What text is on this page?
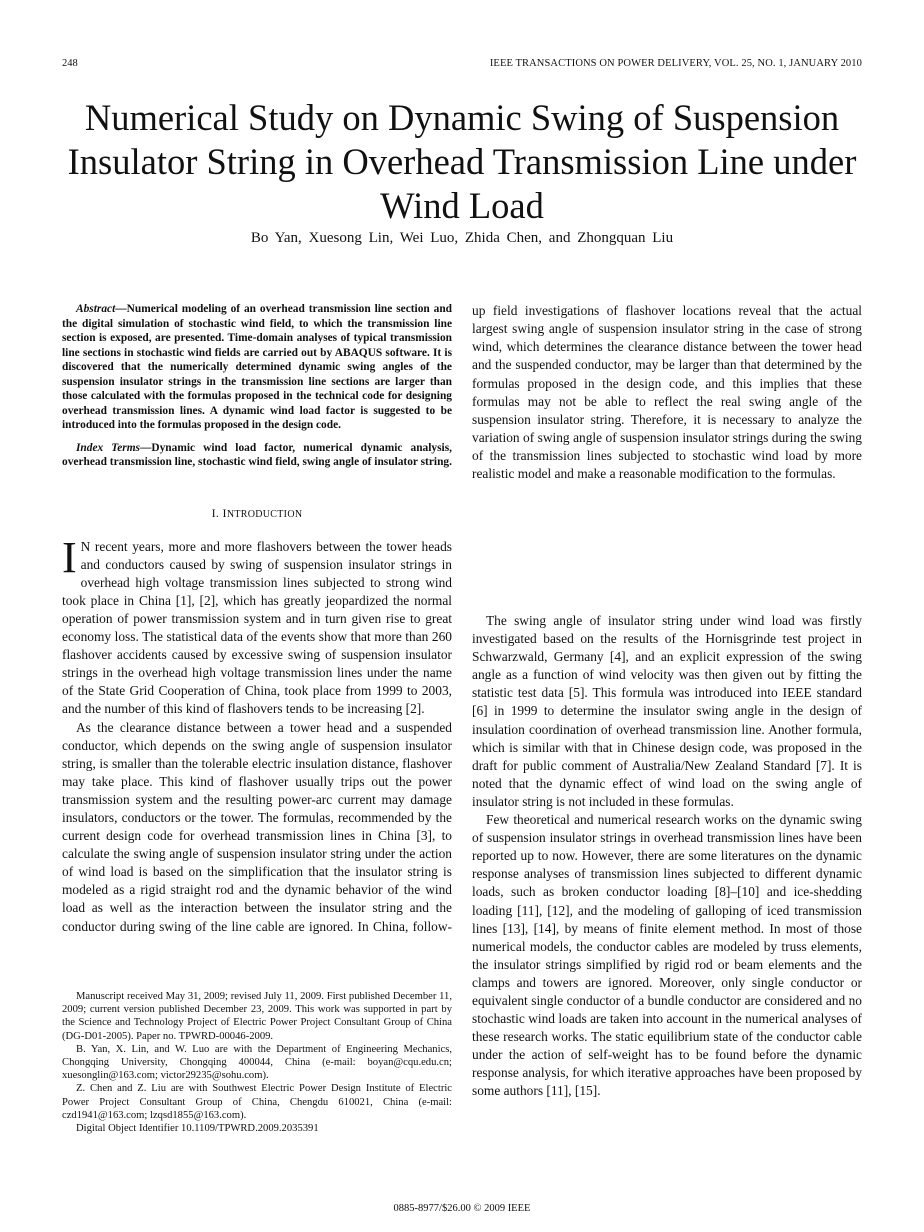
248	IEEE TRANSACTIONS ON POWER DELIVERY, VOL. 25, NO. 1, JANUARY 2010
Numerical Study on Dynamic Swing of Suspension Insulator String in Overhead Transmission Line under Wind Load
Bo Yan, Xuesong Lin, Wei Luo, Zhida Chen, and Zhongquan Liu

Abstract—Numerical modeling of an overhead transmission line section and the digital simulation of stochastic wind field, to which the transmission line section is exposed, are presented. Time-domain analyses of typical transmission line sections in stochastic wind fields are carried out by ABAQUS software. It is discovered that the numerically determined dynamic swing angles of the suspension insulator strings in the transmission line sections are larger than those calculated with the formulas proposed in the technical code for designing overhead transmission lines. A dynamic wind load factor is suggested to be introduced into the formulas proposed in the design code.

Index Terms—Dynamic wind load factor, numerical dynamic analysis, overhead transmission line, stochastic wind field, swing angle of insulator string.

I. INTRODUCTION

I N recent years, more and more flashovers between the tower heads and conductors caused by swing of suspension insulator strings in overhead high voltage transmission lines subjected to strong wind took place in China [1], [2], which has greatly jeopardized the normal operation of power transmission system and in turn given rise to great economy loss. The statistical data of the events show that more than 260 flashover accidents caused by excessive swing of suspension insulator strings in the overhead high voltage transmission lines under the name of the State Grid Cooperation of China, took place from 1999 to 2003, and the number of this kind of flashovers tends to be increasing [2].

As the clearance distance between a tower head and a suspended conductor, which depends on the swing angle of suspension insulator string, is smaller than the tolerable electric insulation distance, flashover may take place. This kind of flashover usually trips out the power transmission system and the resulting power-arc current may damage insulators, conductors or the tower. The formulas, recommended by the current design code for overhead transmission lines in China [3], to calculate the swing angle of suspension insulator string under the action of wind load is based on the simplification that the insulator string is modeled as a rigid straight rod and the dynamic behavior of the wind load as well as the interaction between the insulator string and the conductor during swing of the line cable are ignored. In China, follow-

up field investigations of flashover locations reveal that the actual largest swing angle of suspension insulator string in the case of strong wind, which determines the clearance distance between the tower head and the suspended conductor, may be larger than that determined by the formulas proposed in the design code, and this implies that these formulas may not be able to reflect the real swing angle of the suspension insulator string. Therefore, it is necessary to analyze the variation of swing angle of suspension insulator strings during the swing of the transmission lines subjected to stochastic wind load by more realistic model and make a reasonable modification to the formulas.

The swing angle of insulator string under wind load was firstly investigated based on the results of the Hornisgrinde test project in Schwarzwald, Germany [4], and an explicit expression of the swing angle as a function of wind velocity was then given out by fitting the statistic test data [5]. This formula was introduced into IEEE standard [6] in 1999 to determine the insulator swing angle in the design of insulation coordination of overhead transmission line. Another formula, which is similar with that in Chinese design code, was proposed in the draft for public comment of Australia/New Zealand Standard [7]. It is noted that the dynamic effect of wind load on the swing angle of insulator string is not included in these formulas.

Few theoretical and numerical research works on the dynamic swing of suspension insulator strings in overhead transmission lines have been reported up to now. However, there are some literatures on the dynamic response analyses of transmission lines subjected to different dynamic loads, such as broken conductor loading [8]–[10] and ice-shedding loading [11], [12], and the modeling of galloping of iced transmission lines [13], [14], by means of finite element method. In most of those numerical models, the conductor cables are modeled by truss elements, the insulator strings simplified by rigid rod or beam elements and the clamps and towers are ignored. Moreover, only single conductor or equivalent single conductor of a bundle conductor are considered and no stochastic wind loads are taken into account in the numerical analyses of these research works. The static equilibrium state of the conductor cable under the action of self-weight has to be found before the dynamic response analysis, for which iterative approaches have been proposed by some authors [11], [15].

Manuscript received May 31, 2009; revised July 11, 2009. First published December 11, 2009; current version published December 23, 2009. This work was supported in part by the Science and Technology Project of Electric Power Project Consultant Group of China (DG-D01-2005). Paper no. TPWRD-00046-2009.

B. Yan, X. Lin, and W. Luo are with the Department of Engineering Mechanics, Chongqing University, Chongqing 400044, China (e-mail: boyan@cqu.edu.cn; xuesonglin@163.com; victor29235@sohu.com).

Z. Chen and Z. Liu are with Southwest Electric Power Design Institute of Electric Power Project Consultant Group of China, Chengdu 610021, China (e-mail: czd1941@163.com; lzqsd1855@163.com).

Digital Object Identifier 10.1109/TPWRD.2009.2035391

0885-8977/$26.00 © 2009 IEEE
